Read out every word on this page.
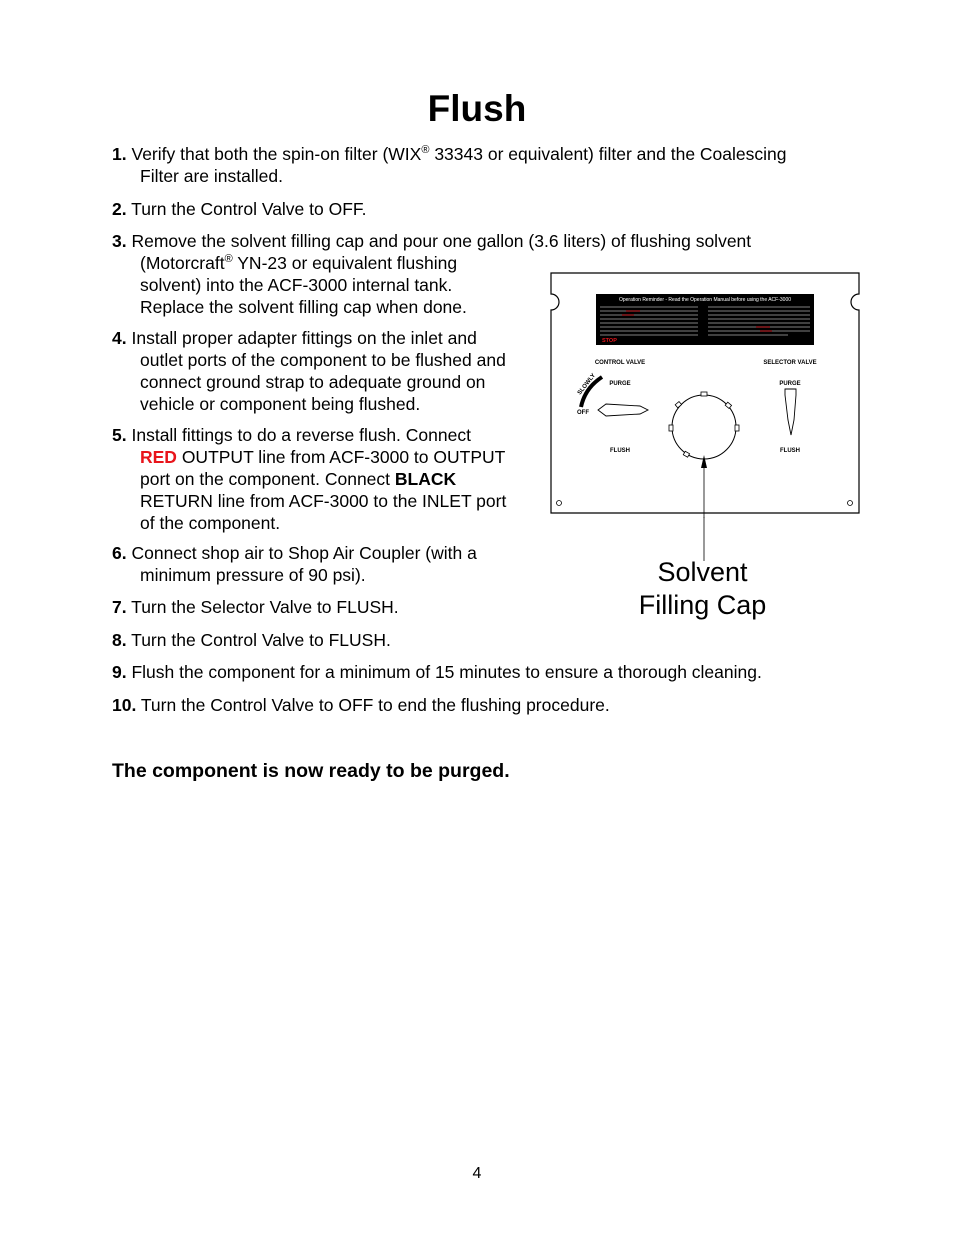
Flush
1. Verify that both the spin-on filter (WIX® 33343 or equivalent) filter and the Coalescing
Filter are installed.
2. Turn the Control Valve to OFF.
3. Remove the solvent filling cap and pour one gallon (3.6 liters) of flushing solvent
(Motorcraft® YN-23 or equivalent flushing
solvent) into the ACF-3000 internal tank.
Replace the solvent filling cap when done.
4. Install proper adapter fittings on the inlet and
outlet ports of the component to be flushed and
connect ground strap to adequate ground on
vehicle or component being flushed.
5. Install fittings to do a reverse flush. Connect
RED OUTPUT line from ACF-3000 to OUTPUT
port on the component. Connect BLACK
RETURN line from ACF-3000 to the INLET port
of the component.
6. Connect shop air to Shop Air Coupler (with a
minimum pressure of 90 psi).
7. Turn the Selector Valve to FLUSH.
8. Turn the Control Valve to FLUSH.
9. Flush the component for a minimum of 15 minutes to ensure a thorough cleaning.
10. Turn the Control Valve to OFF to end the flushing procedure.
Operation Reminder - Read the Operation Manual before using the ACF-3000
STOP
CONTROL VALVE	SELECTOR VALVE
SLOWLY
OFF
PURGE	PURGE
FLUSH	FLUSH
Solvent
Filling Cap
The component is now ready to be purged.
4
